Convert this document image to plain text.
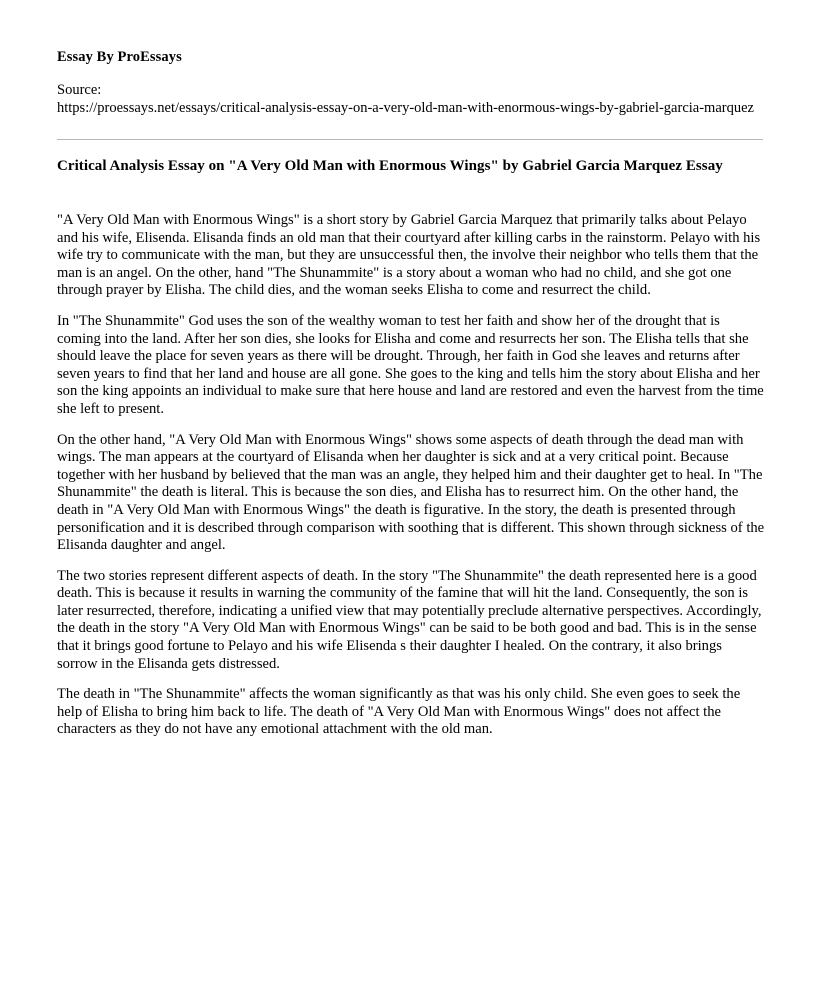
Essay By ProEssays
Source:
https://proessays.net/essays/critical-analysis-essay-on-a-very-old-man-with-enormous-wings-by-gabriel-garcia-marquez
Critical Analysis Essay on "A Very Old Man with Enormous Wings" by Gabriel Garcia Marquez Essay

"A Very Old Man with Enormous Wings" is a short story by Gabriel Garcia Marquez that primarily talks about Pelayo and his wife, Elisenda. Elisanda finds an old man that their courtyard after killing carbs in the rainstorm. Pelayo with his wife try to communicate with the man, but they are unsuccessful then, the involve their neighbor who tells them that the man is an angel. On the other, hand "The Shunammite" is a story about a woman who had no child, and she got one through prayer by Elisha. The child dies, and the woman seeks Elisha to come and resurrect the child.

In "The Shunammite" God uses the son of the wealthy woman to test her faith and show her of the drought that is coming into the land. After her son dies, she looks for Elisha and come and resurrects her son. The Elisha tells that she should leave the place for seven years as there will be drought. Through, her faith in God she leaves and returns after seven years to find that her land and house are all gone. She goes to the king and tells him the story about Elisha and her son the king appoints an individual to make sure that here house and land are restored and even the harvest from the time she left to present.

On the other hand, "A Very Old Man with Enormous Wings" shows some aspects of death through the dead man with wings. The man appears at the courtyard of Elisanda when her daughter is sick and at a very critical point. Because together with her husband by believed that the man was an angle, they helped him and their daughter get to heal. In "The Shunammite" the death is literal. This is because the son dies, and Elisha has to resurrect him. On the other hand, the death in "A Very Old Man with Enormous Wings" the death is figurative. In the story, the death is presented through personification and it is described through comparison with soothing that is different. This shown through sickness of the Elisanda daughter and angel.

The two stories represent different aspects of death. In the story "The Shunammite" the death represented here is a good death. This is because it results in warning the community of the famine that will hit the land. Consequently, the son is later resurrected, therefore, indicating a unified view that may potentially preclude alternative perspectives. Accordingly, the death in the story "A Very Old Man with Enormous Wings" can be said to be both good and bad. This is in the sense that it brings good fortune to Pelayo and his wife Elisenda s their daughter I healed. On the contrary, it also brings sorrow in the Elisanda gets distressed.

The death in "The Shunammite" affects the woman significantly as that was his only child. She even goes to seek the help of Elisha to bring him back to life. The death of "A Very Old Man with Enormous Wings" does not affect the characters as they do not have any emotional attachment with the old man.
